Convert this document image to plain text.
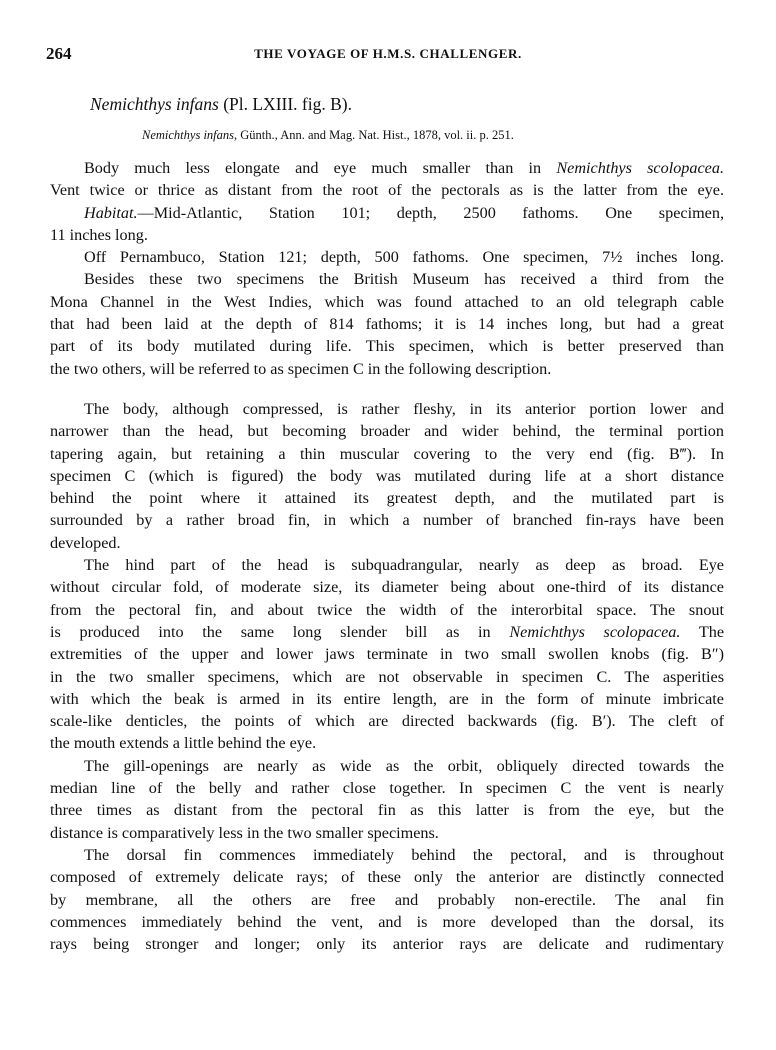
264	THE VOYAGE OF H.M.S. CHALLENGER.
Nemichthys infans (Pl. LXIII. fig. B).
Nemichthys infans, Günth., Ann. and Mag. Nat. Hist., 1878, vol. ii. p. 251.
Body much less elongate and eye much smaller than in Nemichthys scolopacea.
Vent twice or thrice as distant from the root of the pectorals as is the latter from the eye.
Habitat.—Mid-Atlantic, Station 101; depth, 2500 fathoms. One specimen,
11 inches long.
Off Pernambuco, Station 121; depth, 500 fathoms. One specimen, 7½ inches long.
Besides these two specimens the British Museum has received a third from the
Mona Channel in the West Indies, which was found attached to an old telegraph cable
that had been laid at the depth of 814 fathoms; it is 14 inches long, but had a great
part of its body mutilated during life. This specimen, which is better preserved than
the two others, will be referred to as specimen C in the following description.
The body, although compressed, is rather fleshy, in its anterior portion lower and
narrower than the head, but becoming broader and wider behind, the terminal portion
tapering again, but retaining a thin muscular covering to the very end (fig. B‴). In
specimen C (which is figured) the body was mutilated during life at a short distance
behind the point where it attained its greatest depth, and the mutilated part is
surrounded by a rather broad fin, in which a number of branched fin-rays have been
developed.
The hind part of the head is subquadrangular, nearly as deep as broad. Eye
without circular fold, of moderate size, its diameter being about one-third of its distance
from the pectoral fin, and about twice the width of the interorbital space. The snout
is produced into the same long slender bill as in Nemichthys scolopacea. The
extremities of the upper and lower jaws terminate in two small swollen knobs (fig. B″)
in the two smaller specimens, which are not observable in specimen C. The asperities
with which the beak is armed in its entire length, are in the form of minute imbricate
scale-like denticles, the points of which are directed backwards (fig. B′). The cleft of
the mouth extends a little behind the eye.
The gill-openings are nearly as wide as the orbit, obliquely directed towards the
median line of the belly and rather close together. In specimen C the vent is nearly
three times as distant from the pectoral fin as this latter is from the eye, but the
distance is comparatively less in the two smaller specimens.
The dorsal fin commences immediately behind the pectoral, and is throughout
composed of extremely delicate rays; of these only the anterior are distinctly connected
by membrane, all the others are free and probably non-erectile. The anal fin
commences immediately behind the vent, and is more developed than the dorsal, its
rays being stronger and longer; only its anterior rays are delicate and rudimentary
